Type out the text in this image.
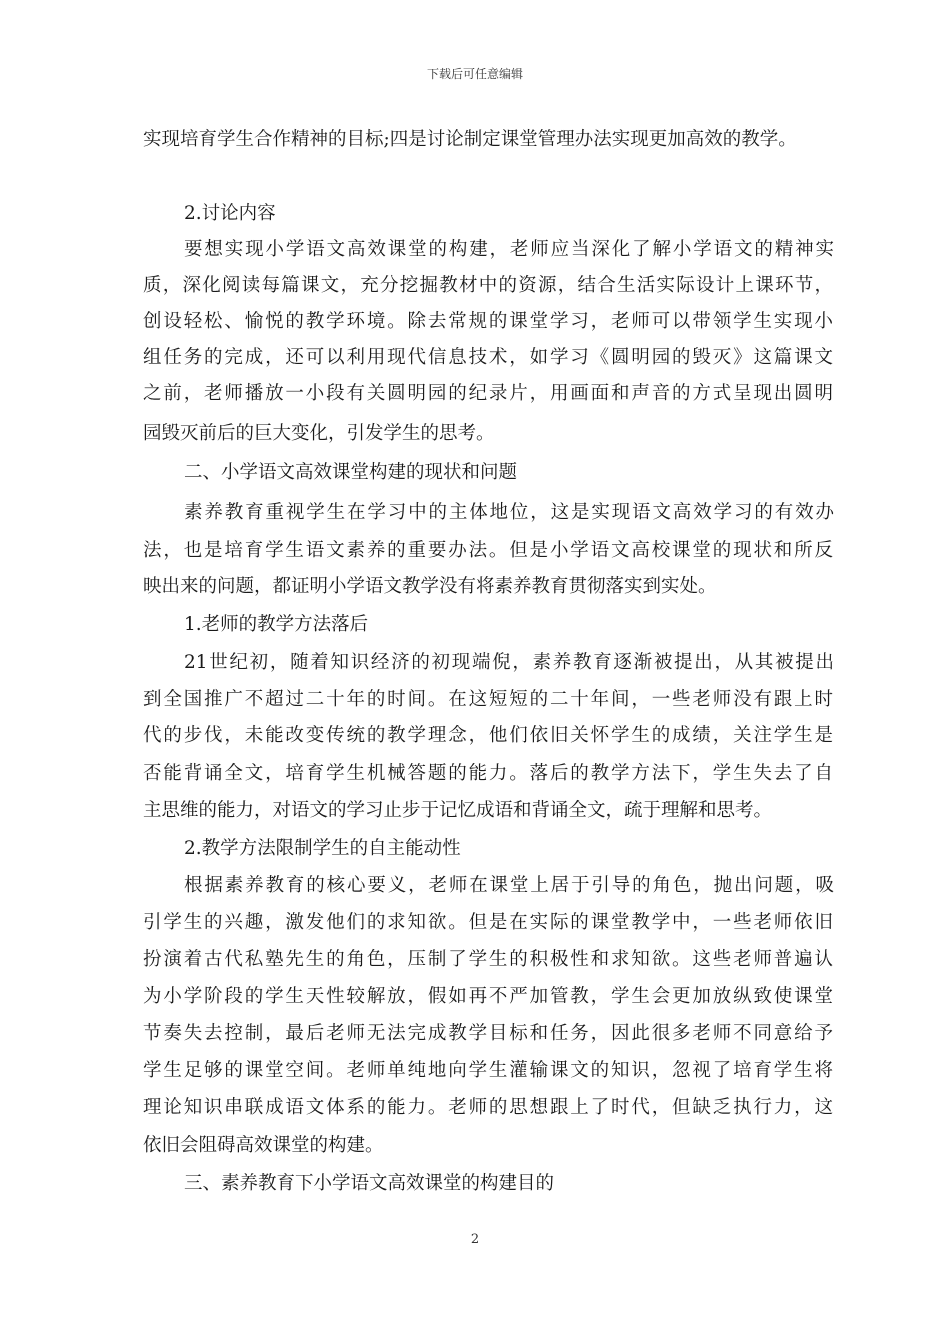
下载后可任意编辑
实现培育学生合作精神的目标;四是讨论制定课堂管理办法实现更加高效的教学。
2.讨论内容
要想实现小学语文高效课堂的构建，老师应当深化了解小学语文的精神实
质，深化阅读每篇课文，充分挖掘教材中的资源，结合生活实际设计上课环节，
创设轻松、愉悦的教学环境。除去常规的课堂学习，老师可以带领学生实现小
组任务的完成，还可以利用现代信息技术，如学习《圆明园的毁灭》这篇课文
之前，老师播放一小段有关圆明园的纪录片，用画面和声音的方式呈现出圆明
园毁灭前后的巨大变化，引发学生的思考。
二、小学语文高效课堂构建的现状和问题
素养教育重视学生在学习中的主体地位，这是实现语文高效学习的有效办
法，也是培育学生语文素养的重要办法。但是小学语文高校课堂的现状和所反
映出来的问题，都证明小学语文教学没有将素养教育贯彻落实到实处。
1.老师的教学方法落后
21世纪初，随着知识经济的初现端倪，素养教育逐渐被提出，从其被提出
到全国推广不超过二十年的时间。在这短短的二十年间，一些老师没有跟上时
代的步伐，未能改变传统的教学理念，他们依旧关怀学生的成绩，关注学生是
否能背诵全文，培育学生机械答题的能力。落后的教学方法下，学生失去了自
主思维的能力，对语文的学习止步于记忆成语和背诵全文，疏于理解和思考。
2.教学方法限制学生的自主能动性
根据素养教育的核心要义，老师在课堂上居于引导的角色，抛出问题，吸
引学生的兴趣，激发他们的求知欲。但是在实际的课堂教学中，一些老师依旧
扮演着古代私塾先生的角色，压制了学生的积极性和求知欲。这些老师普遍认
为小学阶段的学生天性较解放，假如再不严加管教，学生会更加放纵致使课堂
节奏失去控制，最后老师无法完成教学目标和任务，因此很多老师不同意给予
学生足够的课堂空间。老师单纯地向学生灌输课文的知识，忽视了培育学生将
理论知识串联成语文体系的能力。老师的思想跟上了时代，但缺乏执行力，这
依旧会阻碍高效课堂的构建。
三、素养教育下小学语文高效课堂的构建目的
2
